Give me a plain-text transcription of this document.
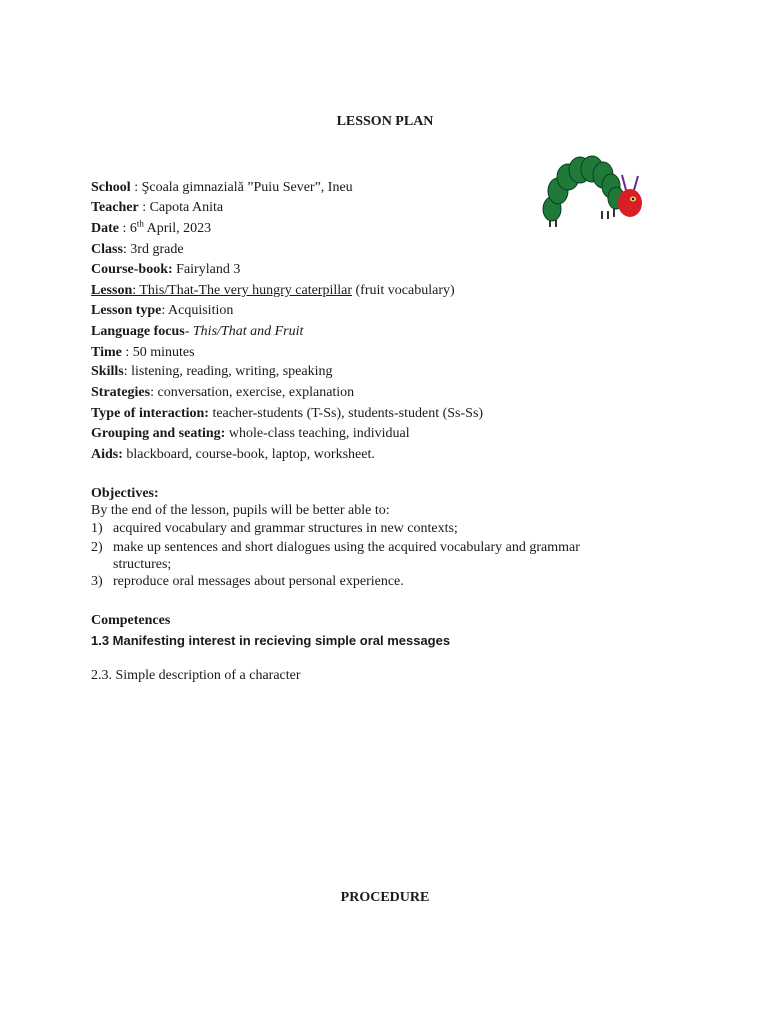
LESSON PLAN
School : Şcoala gimnazială ”Puiu Sever”, Ineu
Teacher : Capota Anita
Date : 6th April, 2023
Class: 3rd grade
Course-book: Fairyland 3
Lesson: This/That-The very hungry caterpillar (fruit vocabulary)
Lesson type: Acquisition
Language focus- This/That and Fruit
Time : 50 minutes
Skills: listening, reading, writing, speaking
Strategies: conversation, exercise, explanation
Type of interaction: teacher-students (T-Ss), students-student (Ss-Ss)
Grouping and seating: whole-class teaching, individual
Aids: blackboard, course-book, laptop, worksheet.
Objectives:
By the end of the lesson, pupils will be better able to:
1) acquired vocabulary and grammar structures in new contexts;
2) make up sentences and short dialogues using the acquired vocabulary and grammar
structures;
3) reproduce oral messages about personal experience.
Competences
1.3 Manifesting interest in recieving simple oral messages
2.3. Simple description of a character
PROCEDURE
